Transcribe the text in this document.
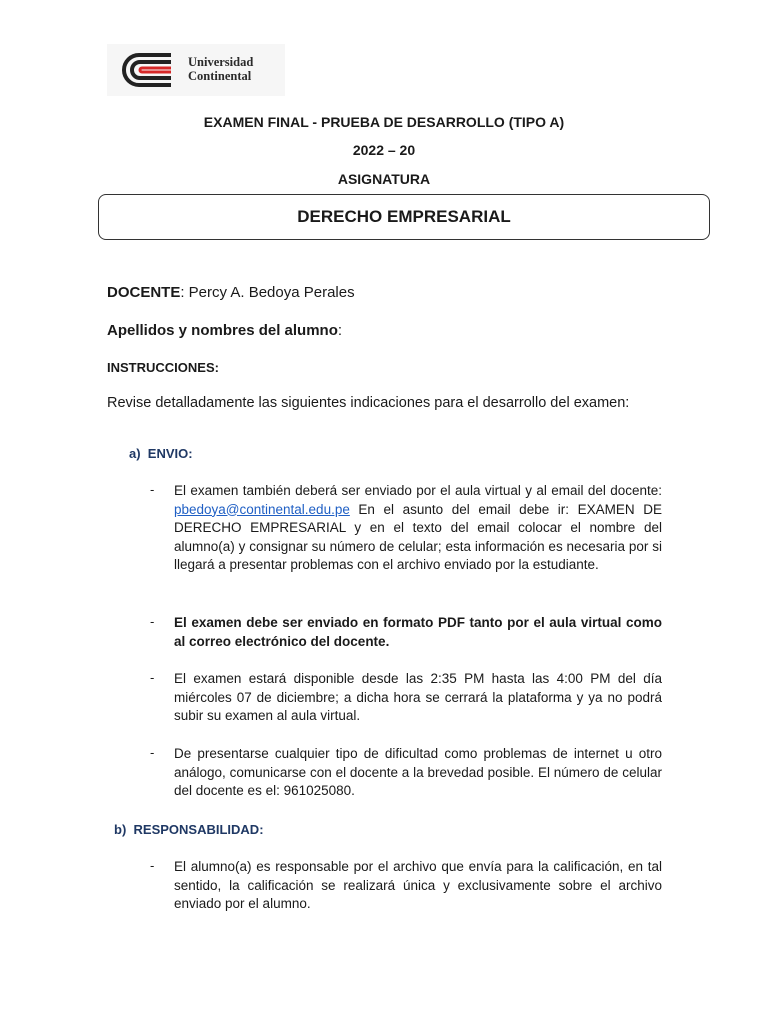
Universidad
Continental
EXAMEN FINAL - PRUEBA DE DESARROLLO (TIPO A)
2022 – 20
ASIGNATURA
DERECHO EMPRESARIAL
DOCENTE: Percy A. Bedoya Perales
Apellidos y nombres del alumno:
INSTRUCCIONES:
Revise detalladamente las siguientes indicaciones para el desarrollo del examen:
a) ENVIO:
- El examen también deberá ser enviado por el aula virtual y al email del docente: pbedoya@continental.edu.pe En el asunto del email debe ir: EXAMEN DE DERECHO EMPRESARIAL y en el texto del email colocar el nombre del alumno(a) y consignar su número de celular; esta información es necesaria por si llegará a presentar problemas con el archivo enviado por la estudiante.

- El examen debe ser enviado en formato PDF tanto por el aula virtual como al correo electrónico del docente.

- El examen estará disponible desde las 2:35 PM hasta las 4:00 PM del día miércoles 07 de diciembre; a dicha hora se cerrará la plataforma y ya no podrá subir su examen al aula virtual.

- De presentarse cualquier tipo de dificultad como problemas de internet u otro análogo, comunicarse con el docente a la brevedad posible. El número de celular del docente es el: 961025080.

b) RESPONSABILIDAD:
- El alumno(a) es responsable por el archivo que envía para la calificación, en tal sentido, la calificación se realizará única y exclusivamente sobre el archivo enviado por el alumno.
